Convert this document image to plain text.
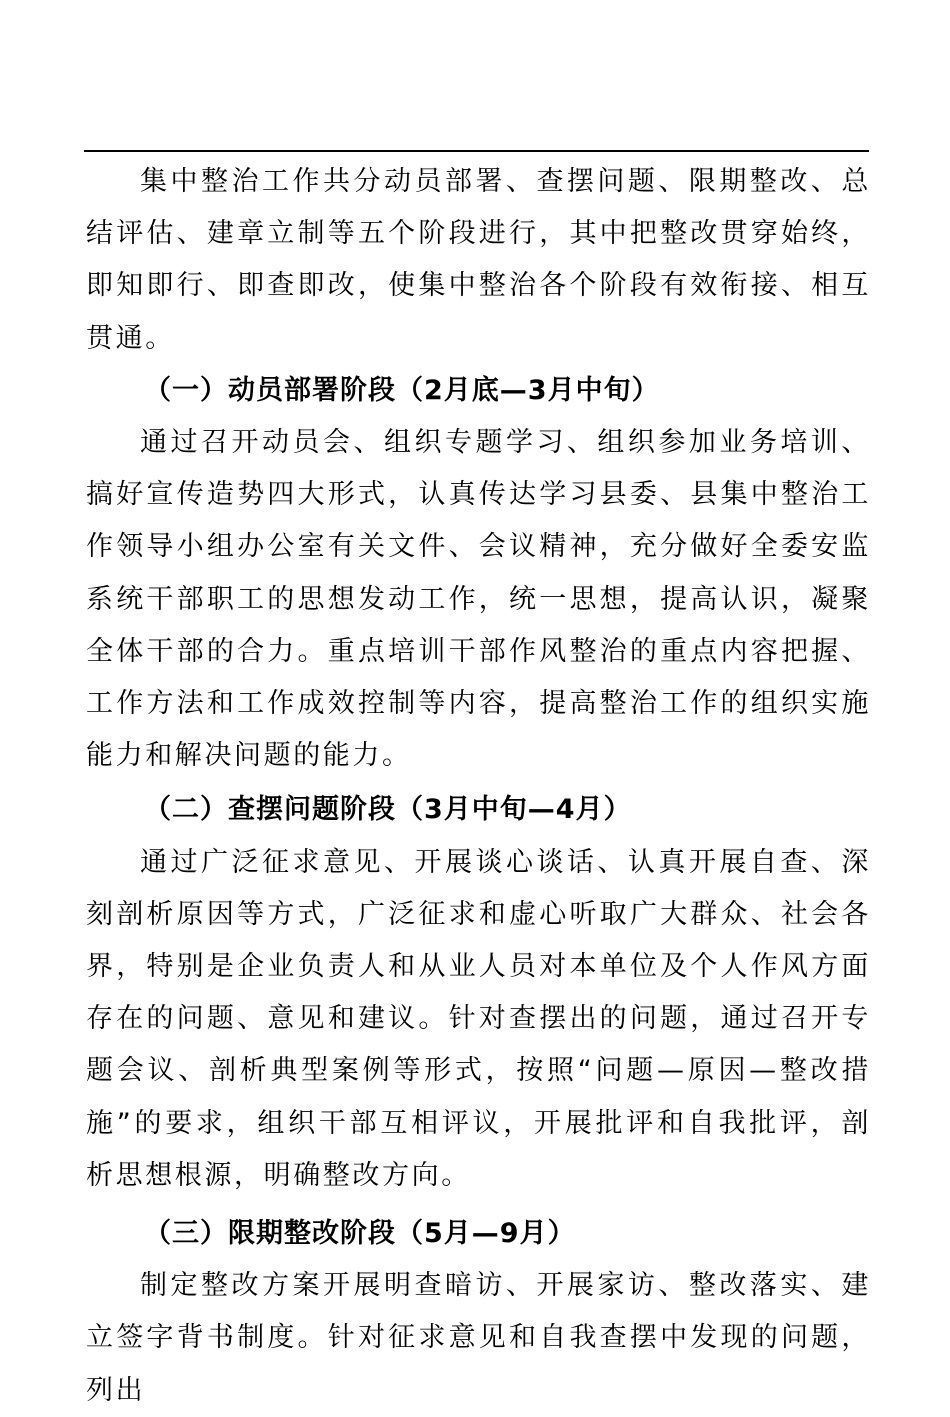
集中整治工作共分动员部署、查摆问题、限期整改、总结评估、建章立制等五个阶段进行，其中把整改贯穿始终，即知即行、即查即改，使集中整治各个阶段有效衔接、相互贯通。

（一）动员部署阶段（2月底—3月中旬）

通过召开动员会、组织专题学习、组织参加业务培训、搞好宣传造势四大形式，认真传达学习县委、县集中整治工作领导小组办公室有关文件、会议精神，充分做好全委安监系统干部职工的思想发动工作，统一思想，提高认识，凝聚全体干部的合力。重点培训干部作风整治的重点内容把握、工作方法和工作成效控制等内容，提高整治工作的组织实施能力和解决问题的能力。

（二）查摆问题阶段（3月中旬—4月）

通过广泛征求意见、开展谈心谈话、认真开展自查、深刻剖析原因等方式，广泛征求和虚心听取广大群众、社会各界，特别是企业负责人和从业人员对本单位及个人作风方面存在的问题、意见和建议。针对查摆出的问题，通过召开专题会议、剖析典型案例等形式，按照“问题—原因—整改措施”的要求，组织干部互相评议，开展批评和自我批评，剖析思想根源，明确整改方向。

（三）限期整改阶段（5月—9月）

制定整改方案开展明查暗访、开展家访、整改落实、建立签字背书制度。针对征求意见和自我查摆中发现的问题，列出
